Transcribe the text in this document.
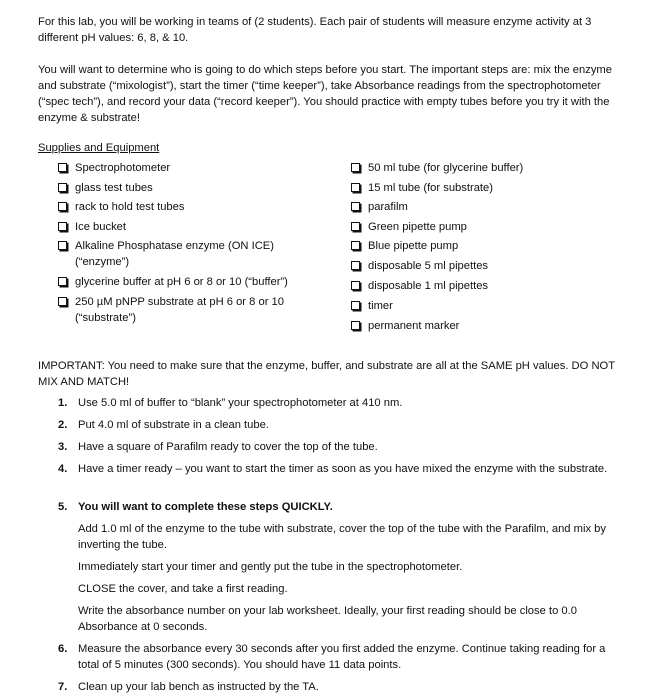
For this lab, you will be working in teams of (2 students). Each pair of students will measure enzyme activity at 3 different pH values: 6, 8, & 10.

You will want to determine who is going to do which steps before you start. The important steps are: mix the enzyme and substrate (“mixologist”), start the timer (“time keeper”), take Absorbance readings from the spectrophotometer (“spec tech”), and record your data (“record keeper”). You should practice with empty tubes before you try it with the enzyme & substrate!

Supplies and Equipment

Spectrophotometer
glass test tubes
rack to hold test tubes
Ice bucket
Alkaline Phosphatase enzyme (ON ICE)
(“enzyme”)
glycerine buffer at pH 6 or 8 or 10 (“buffer”)
250 µM pNPP substrate at pH 6 or 8 or 10
(“substrate”)
50 ml tube (for glycerine buffer)
15 ml tube (for substrate)
parafilm
Green pipette pump
Blue pipette pump
disposable 5 ml pipettes
disposable 1 ml pipettes
timer
permanent marker

IMPORTANT: You need to make sure that the enzyme, buffer, and substrate are all at the SAME pH values. DO NOT MIX AND MATCH!

1. Use 5.0 ml of buffer to “blank” your spectrophotometer at 410 nm.
2. Put 4.0 ml of substrate in a clean tube.
3. Have a square of Parafilm ready to cover the top of the tube.
4. Have a timer ready – you want to start the timer as soon as you have mixed the enzyme with the substrate.
5. You will want to complete these steps QUICKLY.

Add 1.0 ml of the enzyme to the tube with substrate, cover the top of the tube with the Parafilm, and mix by inverting the tube.

Immediately start your timer and gently put the tube in the spectrophotometer.

CLOSE the cover, and take a first reading.

Write the absorbance number on your lab worksheet. Ideally, your first reading should be close to 0.0 Absorbance at 0 seconds.

6. Measure the absorbance every 30 seconds after you first added the enzyme. Continue taking reading for a total of 5 minutes (300 seconds). You should have 11 data points.
7. Clean up your lab bench as instructed by the TA.
